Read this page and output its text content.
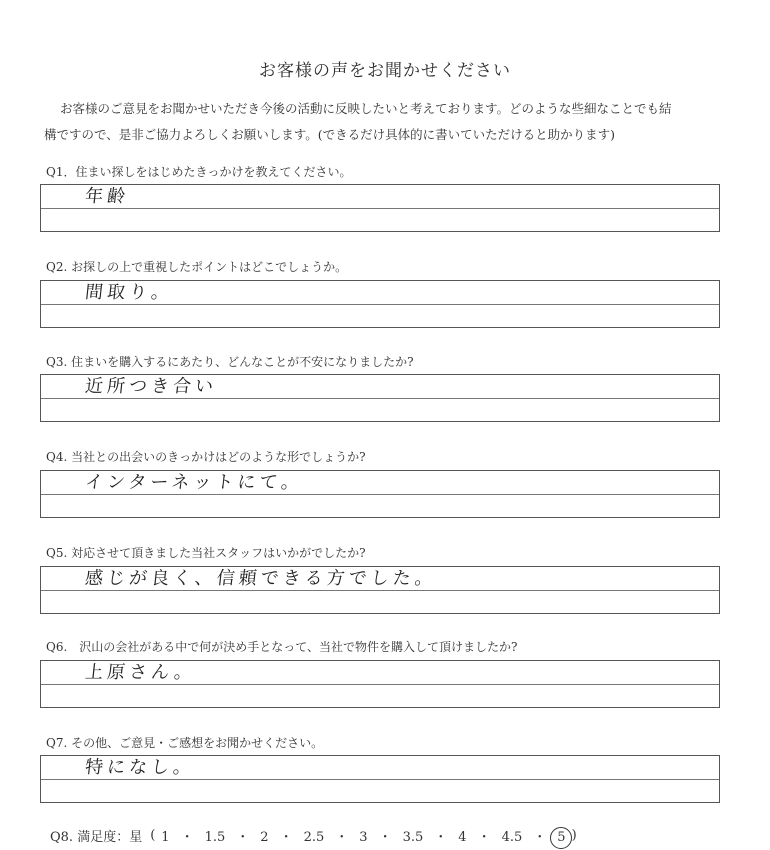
お客様の声をお聞かせください

お客様のご意見をお聞かせいただき今後の活動に反映したいと考えております。どのような些細なことでも結

構ですので、是非ご協力よろしくお願いします。(できるだけ具体的に書いていただけると助かります)

Q1．住まい探しをはじめたきっかけを教えてください。
年齢
Q2. お探しの上で重視したポイントはどこでしょうか。
間取り。
Q3. 住まいを購入するにあたり、どんなことが不安になりましたか?
近所つき合い
Q4. 当社との出会いのきっかけはどのような形でしょうか?
インターネットにて。
Q5. 対応させて頂きました当社スタッフはいかがでしたか?
感じが良く、信頼できる方でした。
Q6.　沢山の会社がある中で何が決め手となって、当社で物件を購入して頂けましたか?
上原さん。
Q7. その他、ご意見・ご感想をお聞かせください。
特になし。
Q8. 満足度：星 ( 1 ・ 1.5 ・ 2 ・ 2.5 ・ 3 ・ 3.5 ・ 4 ・ 4.5 ・ 5 )
